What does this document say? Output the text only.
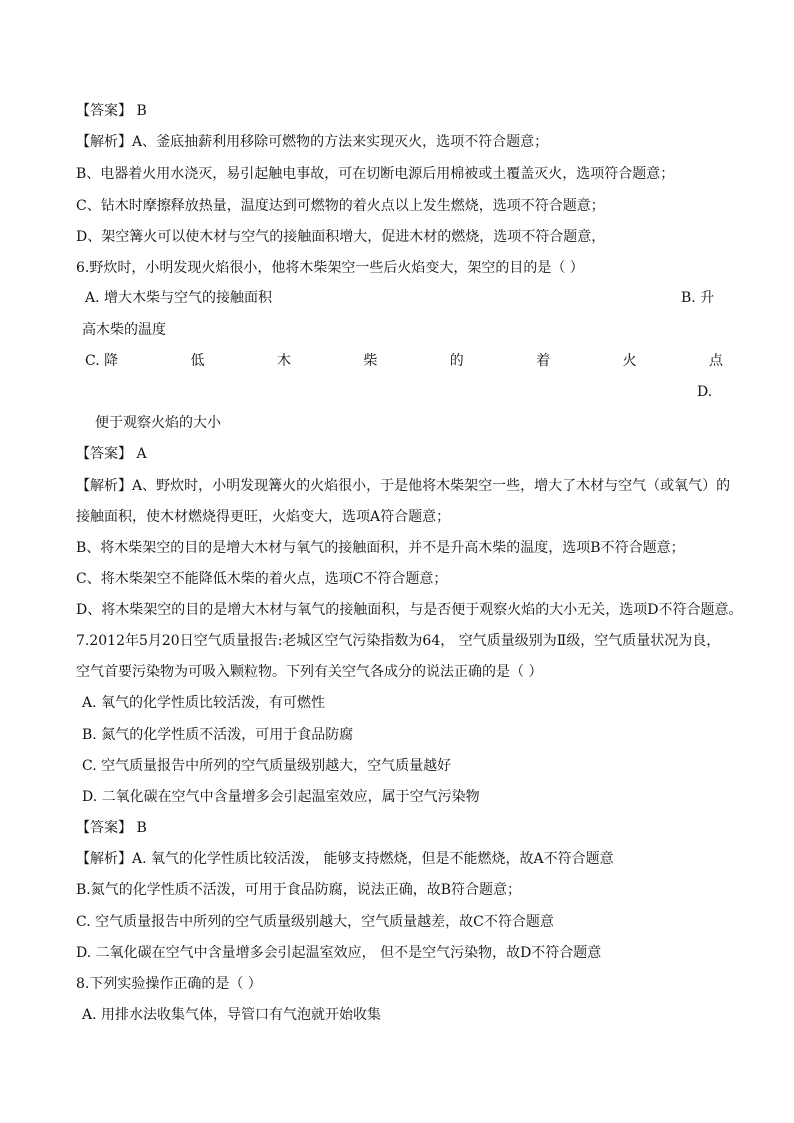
【答案】 B
【解析】A、釜底抽薪利用移除可燃物的方法来实现灭火，选项不符合题意；
B、电器着火用水浇灭，易引起触电事故，可在切断电源后用棉被或土覆盖灭火，选项符合题意；
C、钻木时摩擦释放热量，温度达到可燃物的着火点以上发生燃烧，选项不符合题意；
D、架空篝火可以使木材与空气的接触面积增大，促进木材的燃烧，选项不符合题意，
6.野炊时，小明发现火焰很小，他将木柴架空一些后火焰变大，架空的目的是（ ）
A. 增大木柴与空气的接触面积	B. 升
高木柴的温度
C. 降	低	木	柴	的	着	火	点
D.
便于观察火焰的大小
【答案】 A
【解析】A、野炊时，小明发现篝火的火焰很小，于是他将木柴架空一些，增大了木材与空气（或氧气）的
接触面积，使木材燃烧得更旺，火焰变大，选项A符合题意；
B、将木柴架空的目的是增大木材与氧气的接触面积，并不是升高木柴的温度，选项B不符合题意；
C、将木柴架空不能降低木柴的着火点，选项C不符合题意；
D、将木柴架空的目的是增大木材与氧气的接触面积，与是否便于观察火焰的大小无关，选项D不符合题意。
7.2012年5月20日空气质量报告:老城区空气污染指数为64， 空气质量级别为Ⅱ级，空气质量状况为良，
空气首要污染物为可吸入颗粒物。下列有关空气各成分的说法正确的是（ ）
A. 氧气的化学性质比较活泼，有可燃性
B. 氮气的化学性质不活泼，可用于食品防腐
C. 空气质量报告中所列的空气质量级别越大，空气质量越好
D. 二氧化碳在空气中含量增多会引起温室效应，属于空气污染物
【答案】 B
【解析】A. 氧气的化学性质比较活泼， 能够支持燃烧，但是不能燃烧，故A不符合题意
B.氮气的化学性质不活泼，可用于食品防腐，说法正确，故B符合题意；
C. 空气质量报告中所列的空气质量级别越大，空气质量越差，故C不符合题意
D. 二氧化碳在空气中含量增多会引起温室效应， 但不是空气污染物，故D不符合题意
8.下列实验操作正确的是（ ）
A. 用排水法收集气体，导管口有气泡就开始收集
